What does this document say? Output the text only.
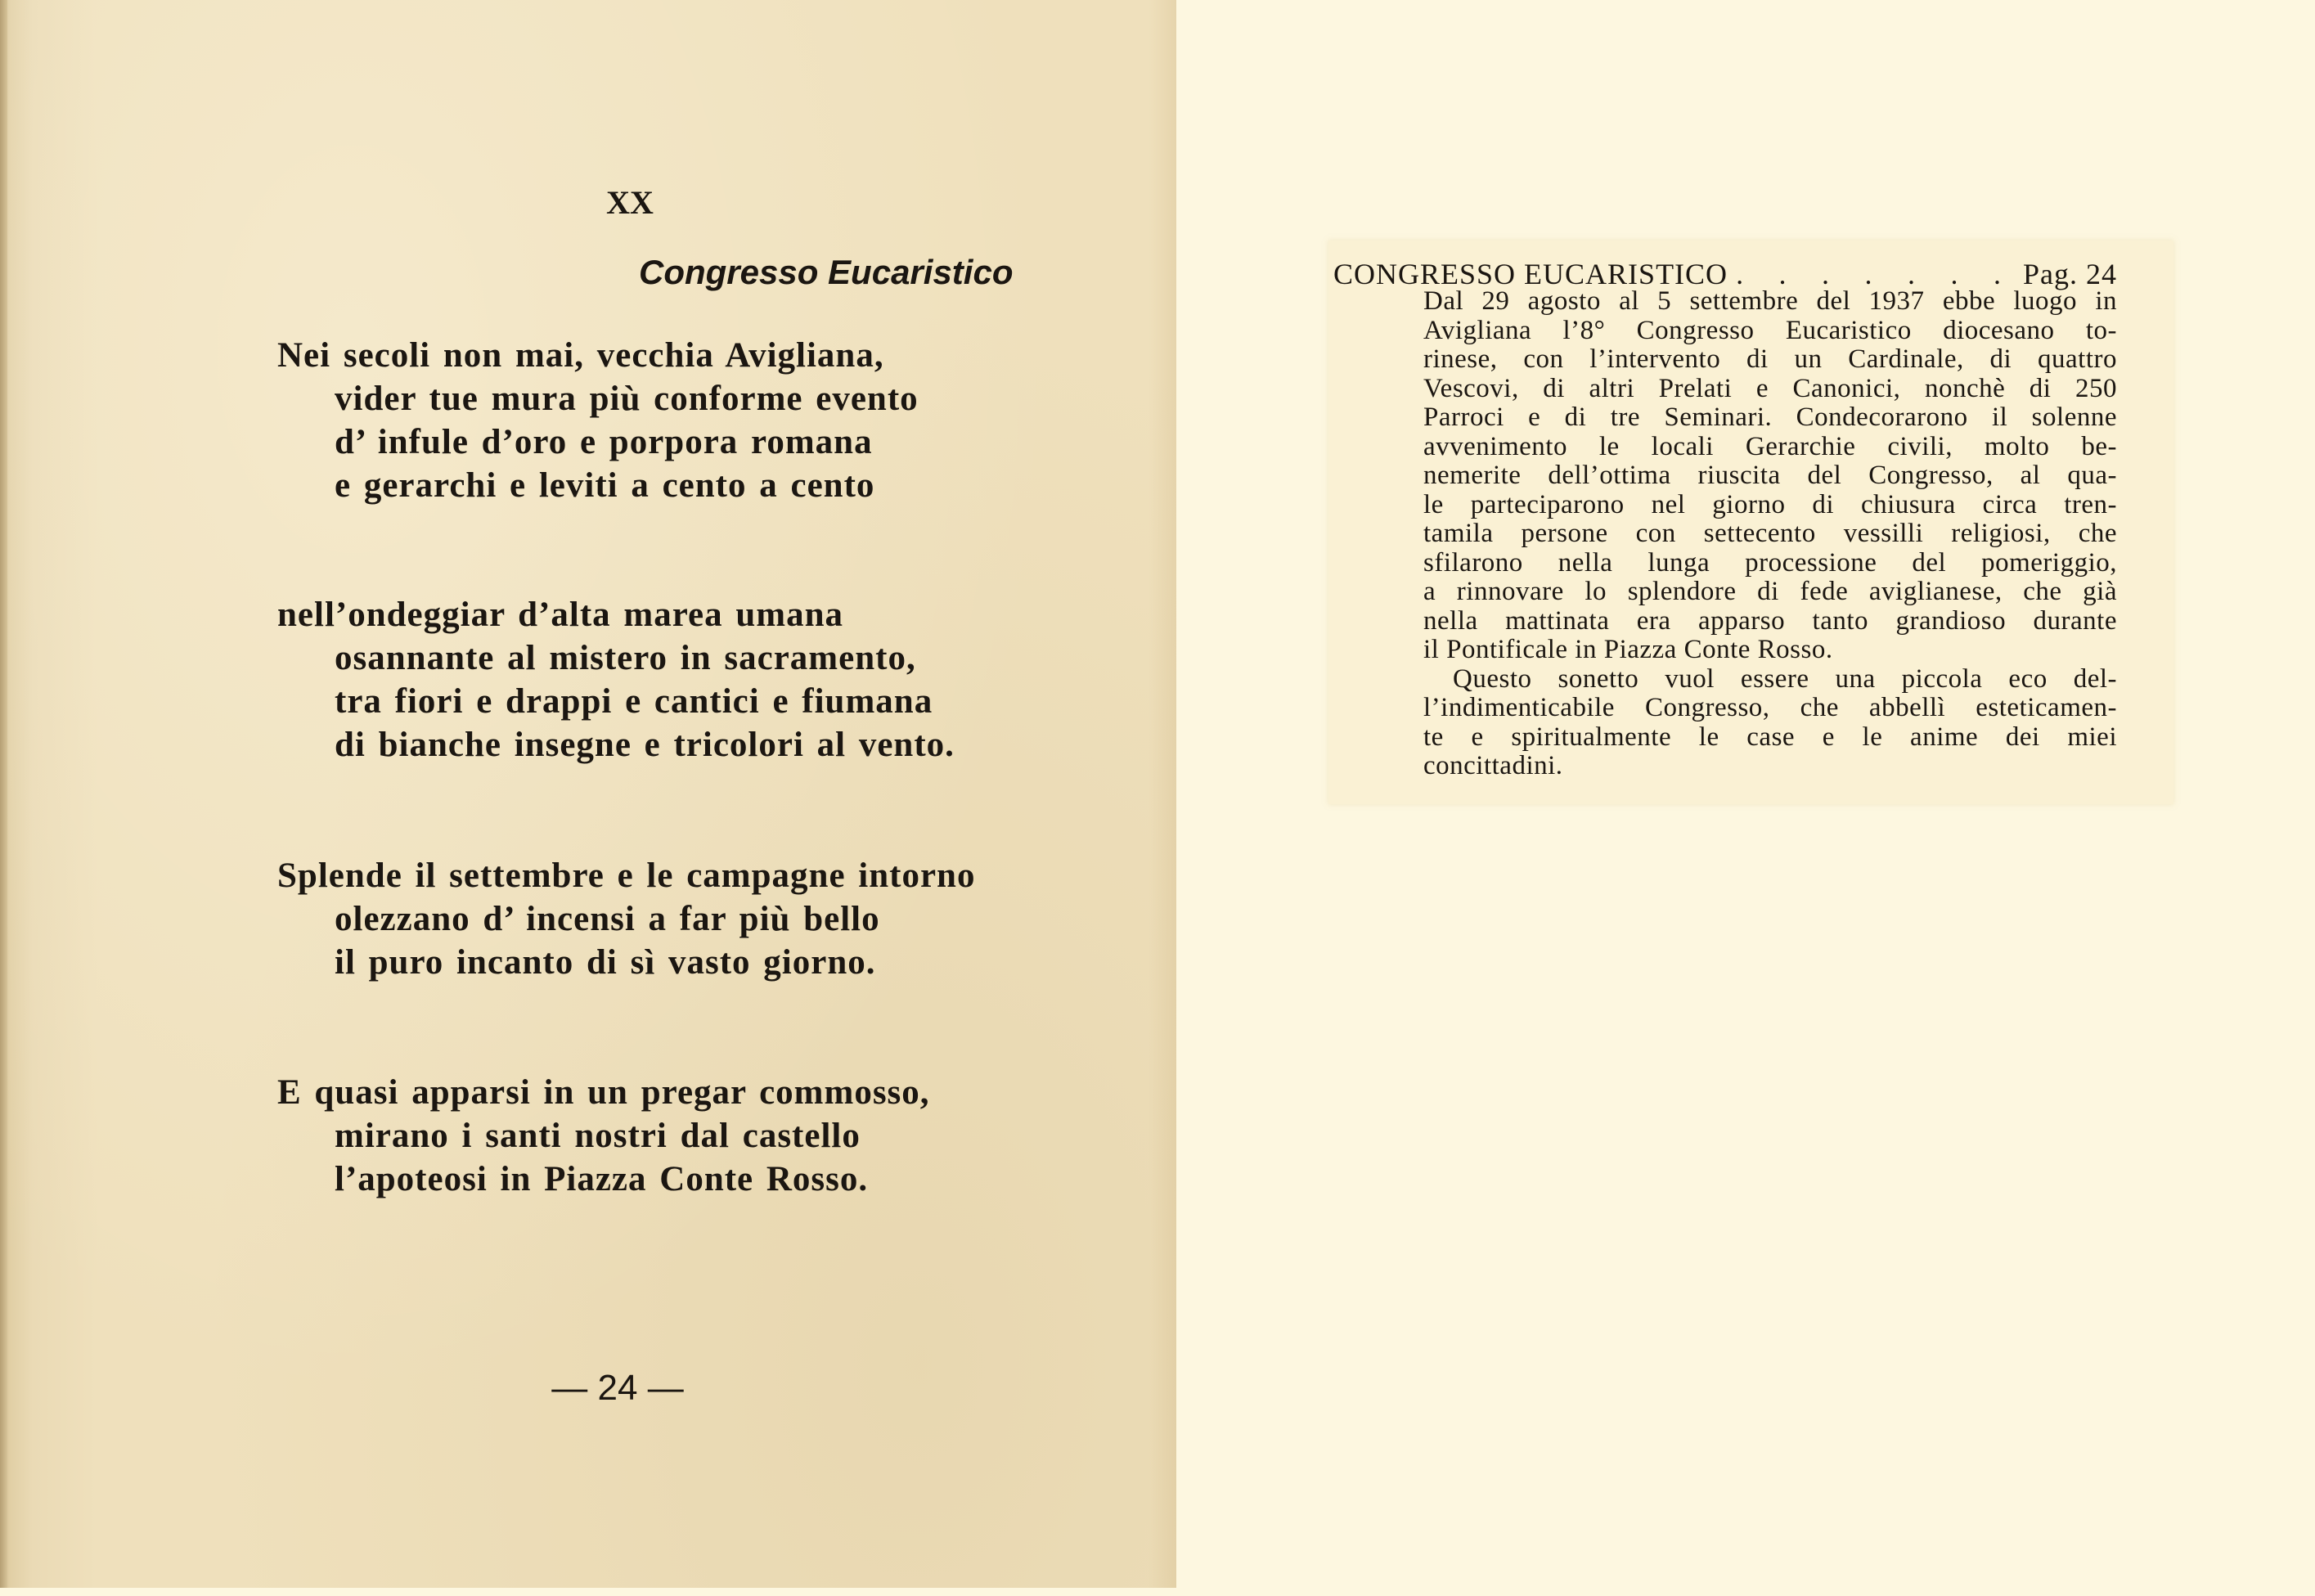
XX
Congresso Eucaristico
Nei secoli non mai, vecchia Avigliana,
vider tue mura più conforme evento
d’ infule d’oro e porpora romana
e gerarchi e leviti a cento a cento
nell’ondeggiar d’alta marea umana
osannante al mistero in sacramento,
tra fiori e drappi e cantici e fiumana
di bianche insegne e tricolori al vento.
Splende il settembre e le campagne intorno
olezzano d’ incensi a far più bello
il puro incanto di sì vasto giorno.
E quasi apparsi in un pregar commosso,
mirano i santi nostri dal castello
l’apoteosi in Piazza Conte Rosso.
— 24 —
CONGRESSO EUCARISTICO . . . . . . . Pag. 24
Dal 29 agosto al 5 settembre del 1937 ebbe luogo in
Avigliana l’8° Congresso Eucaristico diocesano to-
rinese, con l’intervento di un Cardinale, di quattro
Vescovi, di altri Prelati e Canonici, nonchè di 250
Parroci e di tre Seminari. Condecorarono il solenne
avvenimento le locali Gerarchie civili, molto be-
nemerite dell’ottima riuscita del Congresso, al qua-
le parteciparono nel giorno di chiusura circa tren-
tamila persone con settecento vessilli religiosi, che
sfilarono nella lunga processione del pomeriggio,
a rinnovare lo splendore di fede aviglianese, che già
nella mattinata era apparso tanto grandioso durante
il Pontificale in Piazza Conte Rosso.
Questo sonetto vuol essere una piccola eco del-
l’indimenticabile Congresso, che abbellì esteticamen-
te e spiritualmente le case e le anime dei miei
concittadini.
